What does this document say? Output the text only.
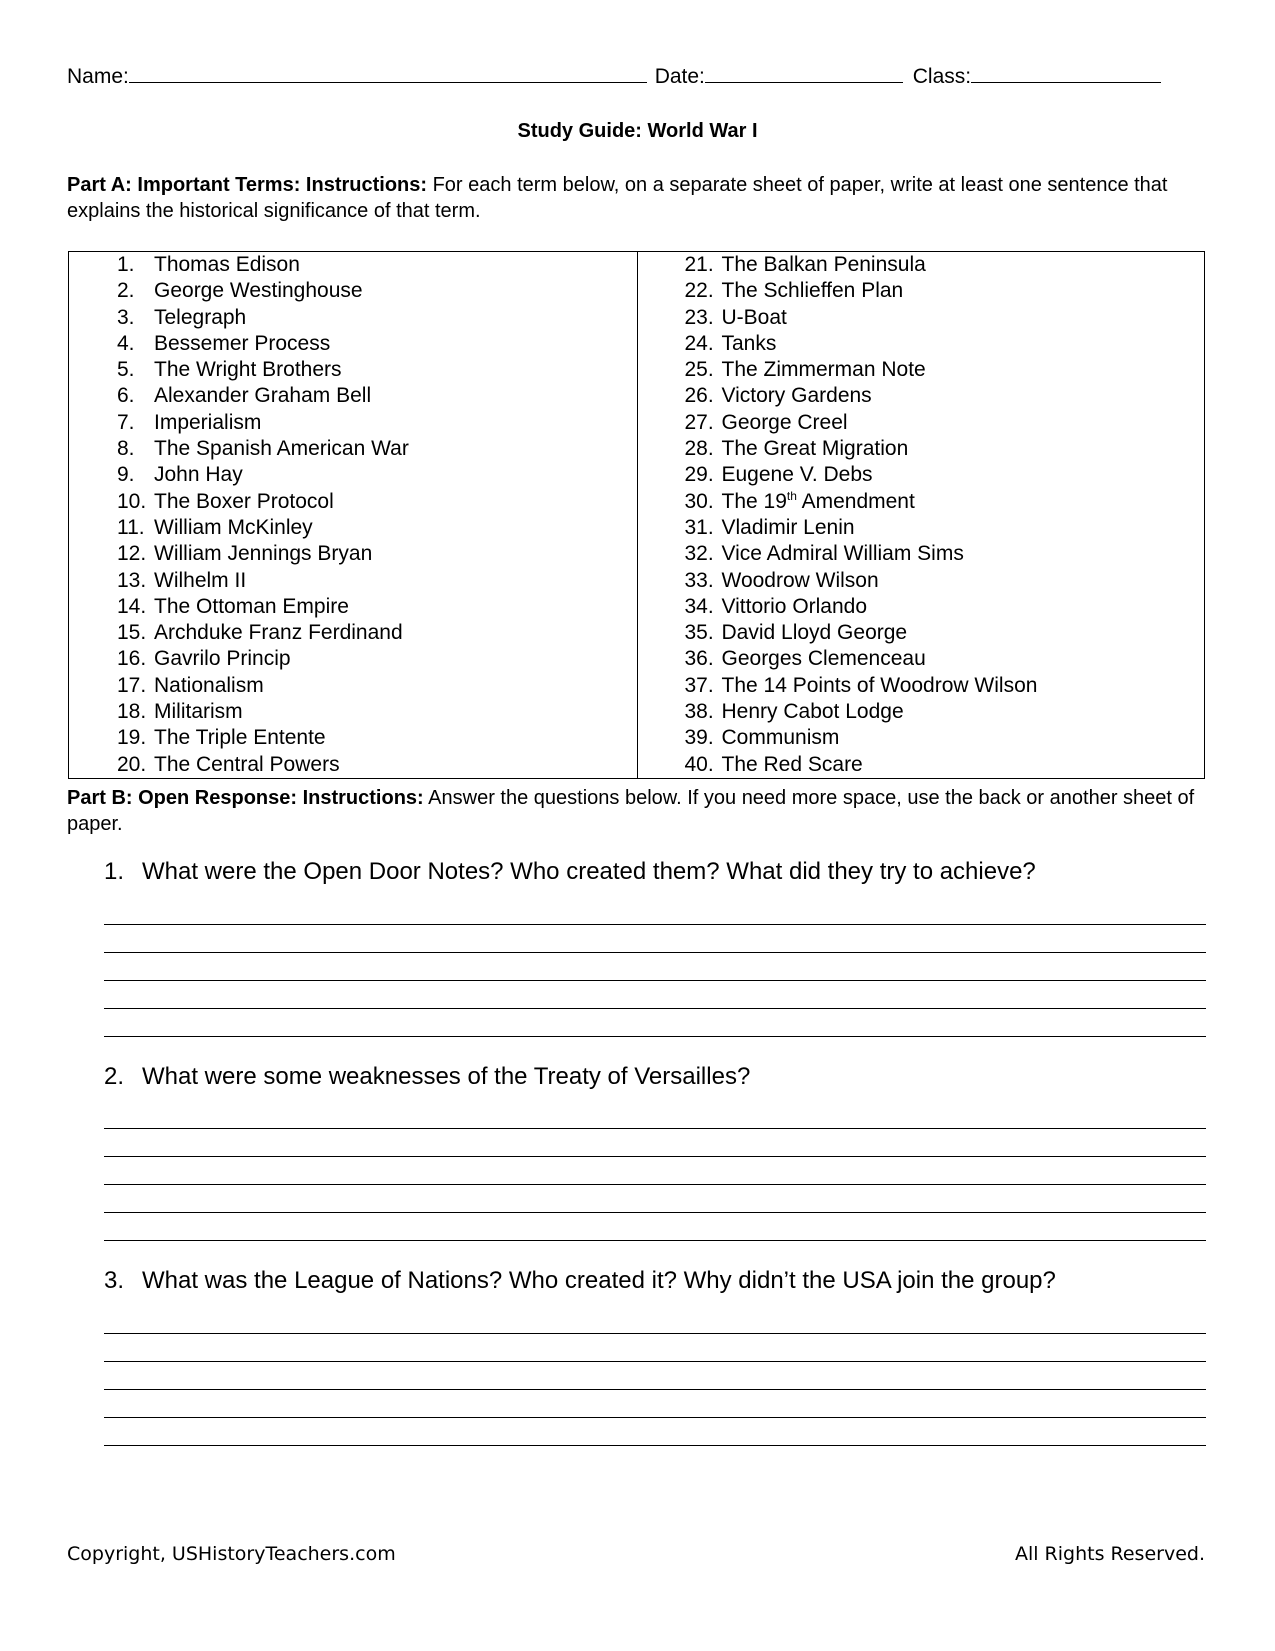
Name:	Date:	Class:
Study Guide: World War I
Part A: Important Terms: Instructions: For each term below, on a separate sheet of paper, write at least one sentence that explains the historical significance of that term.
1. Thomas Edison
2. George Westinghouse
3. Telegraph
4. Bessemer Process
5. The Wright Brothers
6. Alexander Graham Bell
7. Imperialism
8. The Spanish American War
9. John Hay
10. The Boxer Protocol
11. William McKinley
12. William Jennings Bryan
13. Wilhelm II
14. The Ottoman Empire
15. Archduke Franz Ferdinand
16. Gavrilo Princip
17. Nationalism
18. Militarism
19. The Triple Entente
20. The Central Powers
21. The Balkan Peninsula
22. The Schlieffen Plan
23. U-Boat
24. Tanks
25. The Zimmerman Note
26. Victory Gardens
27. George Creel
28. The Great Migration
29. Eugene V. Debs
30. The 19th Amendment
31. Vladimir Lenin
32. Vice Admiral William Sims
33. Woodrow Wilson
34. Vittorio Orlando
35. David Lloyd George
36. Georges Clemenceau
37. The 14 Points of Woodrow Wilson
38. Henry Cabot Lodge
39. Communism
40. The Red Scare
Part B: Open Response: Instructions: Answer the questions below. If you need more space, use the back or another sheet of paper.
1. What were the Open Door Notes? Who created them? What did they try to achieve?
2. What were some weaknesses of the Treaty of Versailles?
3. What was the League of Nations? Who created it? Why didn’t the USA join the group?
Copyright, USHistoryTeachers.com	All Rights Reserved.
